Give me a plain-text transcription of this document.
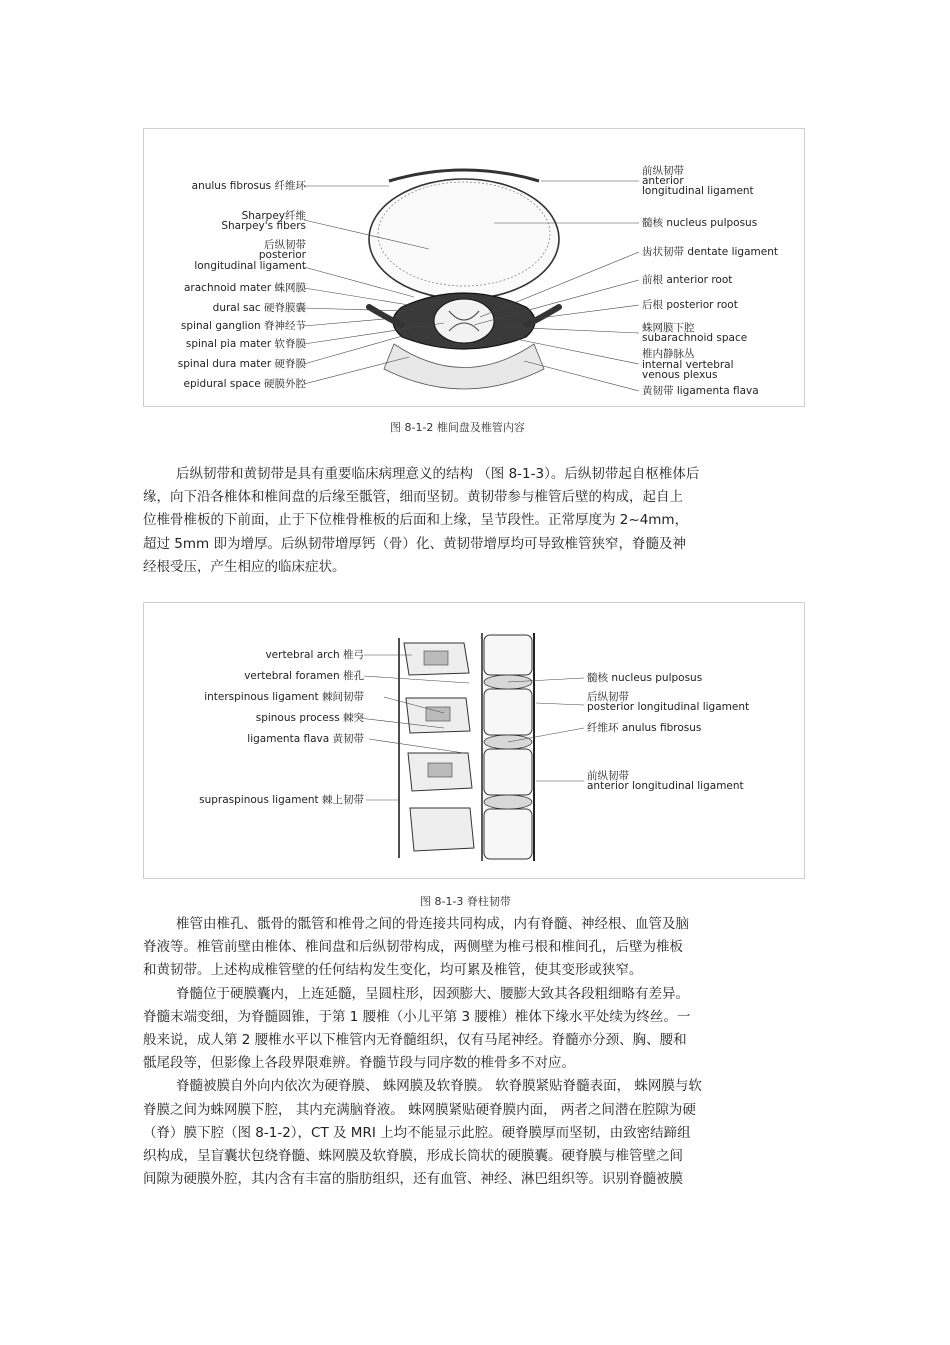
anulus fibrosus 纤维环
Sharpey纤维
Sharpey's fibers
后纵韧带
posterior
longitudinal ligament
arachnoid mater 蛛网膜
dural sac 硬脊膜囊
spinal ganglion 脊神经节
spinal pia mater 软脊膜
spinal dura mater 硬脊膜
epidural space 硬膜外腔
前纵韧带
anterior
longitudinal ligament
髓核 nucleus pulposus
齿状韧带 dentate ligament
前根 anterior root
后根 posterior root
蛛网膜下腔
subarachnoid space
椎内静脉丛
internal vertebral
venous plexus
黄韧带 ligamenta flava
图 8-1-2 椎间盘及椎管内容
后纵韧带和黄韧带是具有重要临床病理意义的结构 （图 8-1-3）。后纵韧带起自枢椎体后
缘，向下沿各椎体和椎间盘的后缘至骶管，细而坚韧。黄韧带参与椎管后壁的构成，起自上
位椎骨椎板的下前面，止于下位椎骨椎板的后面和上缘，呈节段性。正常厚度为 2~4mm，
超过 5mm 即为增厚。后纵韧带增厚钙（骨）化、黄韧带增厚均可导致椎管狭窄，脊髓及神
经根受压，产生相应的临床症状。
vertebral arch 椎弓
vertebral foramen 椎孔
interspinous ligament 棘间韧带
spinous process 棘突
ligamenta flava 黄韧带
supraspinous ligament 棘上韧带
髓核 nucleus pulposus
后纵韧带
posterior longitudinal ligament
纤维环 anulus fibrosus
前纵韧带
anterior longitudinal ligament
图 8-1-3 脊柱韧带
椎管由椎孔、骶骨的骶管和椎骨之间的骨连接共同构成，内有脊髓、神经根、血管及脑
脊液等。椎管前壁由椎体、椎间盘和后纵韧带构成，两侧壁为椎弓根和椎间孔，后壁为椎板
和黄韧带。上述构成椎管壁的任何结构发生变化，均可累及椎管，使其变形或狭窄。
脊髓位于硬膜囊内，上连延髓，呈圆柱形，因颈膨大、腰膨大致其各段粗细略有差异。
脊髓末端变细，为脊髓圆锥，于第 1 腰椎（小儿平第 3 腰椎）椎体下缘水平处续为终丝。一
般来说，成人第 2 腰椎水平以下椎管内无脊髓组织，仅有马尾神经。脊髓亦分颈、胸、腰和
骶尾段等，但影像上各段界限难辨。脊髓节段与同序数的椎骨多不对应。
脊髓被膜自外向内依次为硬脊膜、 蛛网膜及软脊膜。 软脊膜紧贴脊髓表面， 蛛网膜与软
脊膜之间为蛛网膜下腔， 其内充满脑脊液。 蛛网膜紧贴硬脊膜内面， 两者之间潜在腔隙为硬
（脊）膜下腔（图 8-1-2），CT 及 MRI 上均不能显示此腔。硬脊膜厚而坚韧，由致密结蹄组
织构成，呈盲囊状包绕脊髓、蛛网膜及软脊膜，形成长筒状的硬膜囊。硬脊膜与椎管壁之间
间隙为硬膜外腔，其内含有丰富的脂肪组织，还有血管、神经、淋巴组织等。识别脊髓被膜
